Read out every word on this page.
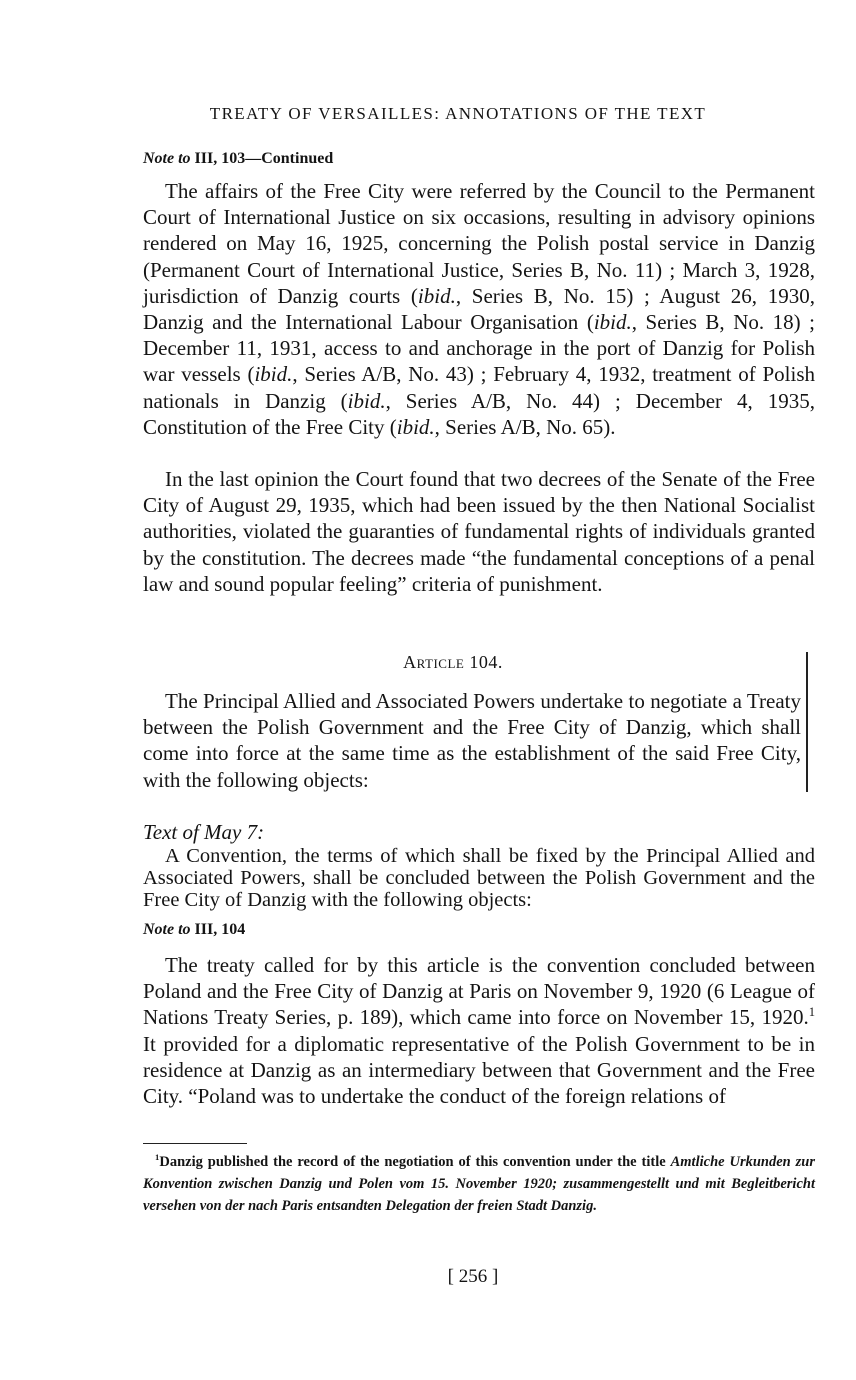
TREATY OF VERSAILLES: ANNOTATIONS OF THE TEXT
Note to III, 103—Continued

The affairs of the Free City were referred by the Council to the Permanent Court of International Justice on six occasions, resulting in advisory opinions rendered on May 16, 1925, concerning the Polish postal service in Danzig (Permanent Court of International Justice, Series B, No. 11) ; March 3, 1928, jurisdiction of Danzig courts (ibid., Series B, No. 15) ; August 26, 1930, Danzig and the International Labour Organisation (ibid., Series B, No. 18) ; December 11, 1931, access to and anchorage in the port of Danzig for Polish war vessels (ibid., Series A/B, No. 43) ; February 4, 1932, treatment of Polish nationals in Danzig (ibid., Series A/B, No. 44) ; December 4, 1935, Constitution of the Free City (ibid., Series A/B, No. 65).

In the last opinion the Court found that two decrees of the Senate of the Free City of August 29, 1935, which had been issued by the then National Socialist authorities, violated the guaranties of fundamental rights of individuals granted by the constitution. The decrees made “the fundamental conceptions of a penal law and sound popular feeling” criteria of punishment.

Article 104.

The Principal Allied and Associated Powers undertake to negotiate a Treaty between the Polish Government and the Free City of Danzig, which shall come into force at the same time as the establishment of the said Free City, with the following objects:

Text of May 7:

A Convention, the terms of which shall be fixed by the Principal Allied and Associated Powers, shall be concluded between the Polish Government and the Free City of Danzig with the following objects:

Note to III, 104

The treaty called for by this article is the convention concluded between Poland and the Free City of Danzig at Paris on November 9, 1920 (6 League of Nations Treaty Series, p. 189), which came into force on November 15, 1920.$^1$ It provided for a diplomatic representative of the Polish Government to be in residence at Danzig as an intermediary between that Government and the Free City. “Poland was to undertake the conduct of the foreign relations of

$^1$Danzig published the record of the negotiation of this convention under the title Amtliche Urkunden zur Konvention zwischen Danzig und Polen vom 15. November 1920; zusammengestellt und mit Begleitbericht versehen von der nach Paris entsandten Delegation der freien Stadt Danzig.

[ 256 ]
